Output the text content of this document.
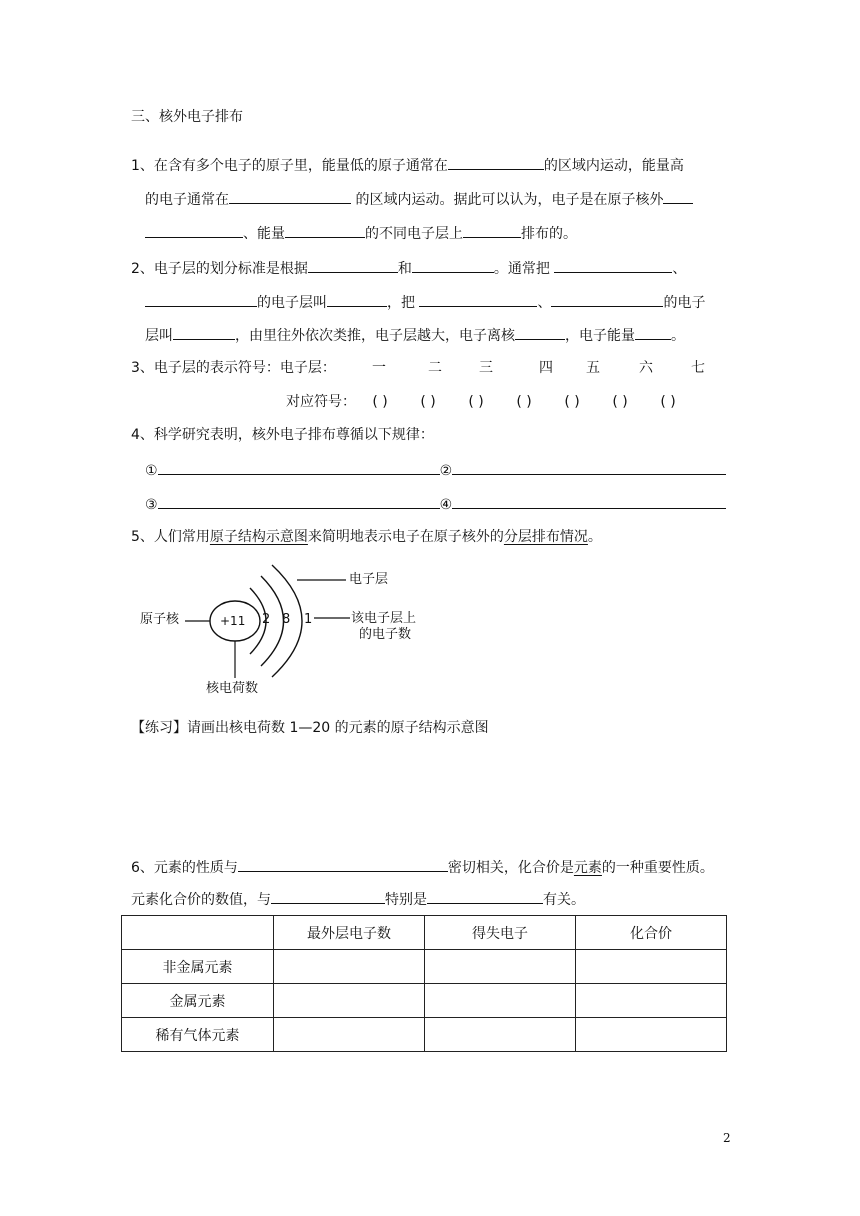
三、核外电子排布
1、在含有多个电子的原子里，能量低的原子通常在	的区域内运动，能量高
的电子通常在	的区域内运动。据此可以认为，电子是在原子核外
、能量	的不同电子层上	排布的。
2、电子层的划分标准是根据	和	。通常把	、
的电子层叫	，把	、	的电子
层叫	，由里往外依次类推，电子层越大，电子离核	，电子能量	。
3、电子层的表示符号：电子层：	一	二	三	四 五	六	七
对应符号： ( ) ( ) ( ) ( ) ( ) ( ) ( )
4、科学研究表明，核外电子排布尊循以下规律：
①	②
③	④
5、人们常用原子结构示意图来简明地表示电子在原子核外的分层排布情况。
原子核	+11 2 8 1
电子层
该电子层上
的电子数
核电荷数
【练习】请画出核电荷数 1—20 的元素的原子结构示意图
6、元素的性质与	密切相关，化合价是元素的一种重要性质。
元素化合价的数值，与	特别是	有关。
	最外层电子数	得失电子	化合价
非金属元素			
金属元素			
稀有气体元素			
2
